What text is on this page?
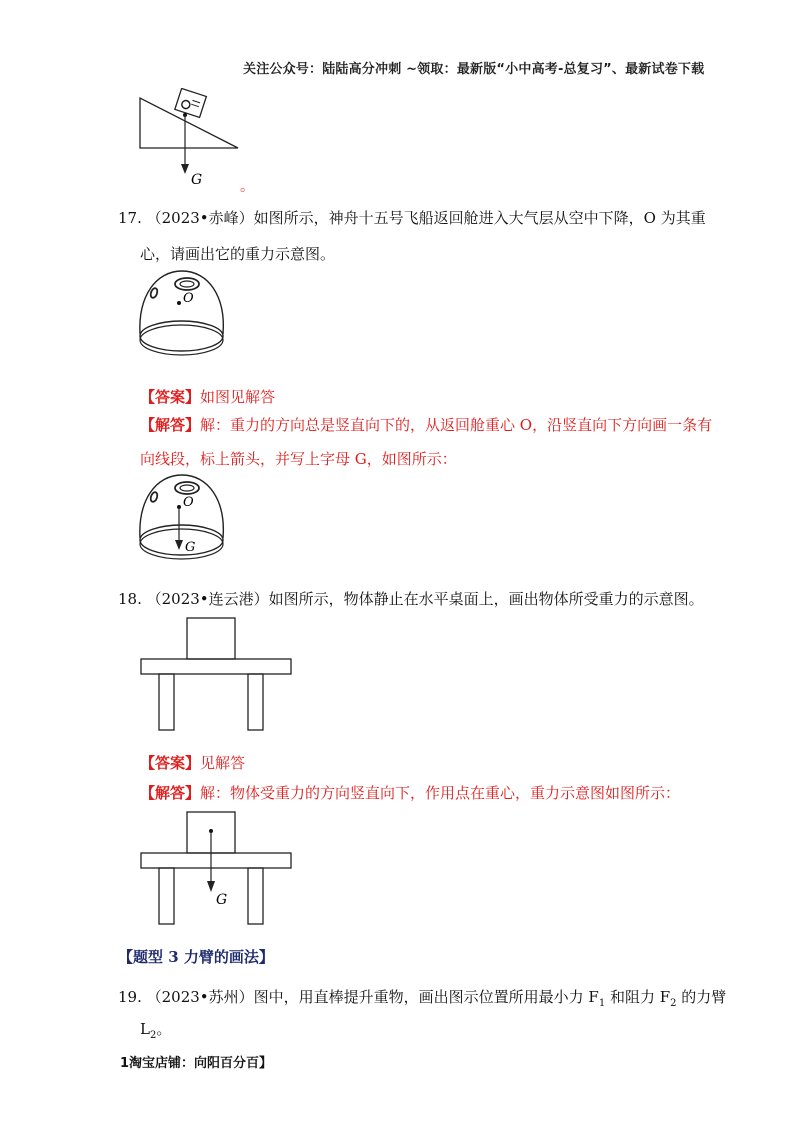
关注公众号：陆陆高分冲刺 ~领取：最新版“小中高考-总复习”、最新试卷下载
G	。
17. （2023•赤峰）如图所示，神舟十五号飞船返回舱进入大气层从空中下降，O 为其重
心，请画出它的重力示意图。
O
【答案】如图见解答
【解答】解：重力的方向总是竖直向下的，从返回舱重心 O，沿竖直向下方向画一条有
向线段，标上箭头，并写上字母 G，如图所示：
O
G
18. （2023•连云港）如图所示，物体静止在水平桌面上，画出物体所受重力的示意图。
【答案】见解答
【解答】解：物体受重力的方向竖直向下，作用点在重心，重力示意图如图所示：
G
【题型 3 力臂的画法】
19. （2023•苏州）图中，用直棒提升重物，画出图示位置所用最小力 $F_1$ 和阻力 $F_2$ 的力臂
$L_2$。
1淘宝店铺：向阳百分百】
